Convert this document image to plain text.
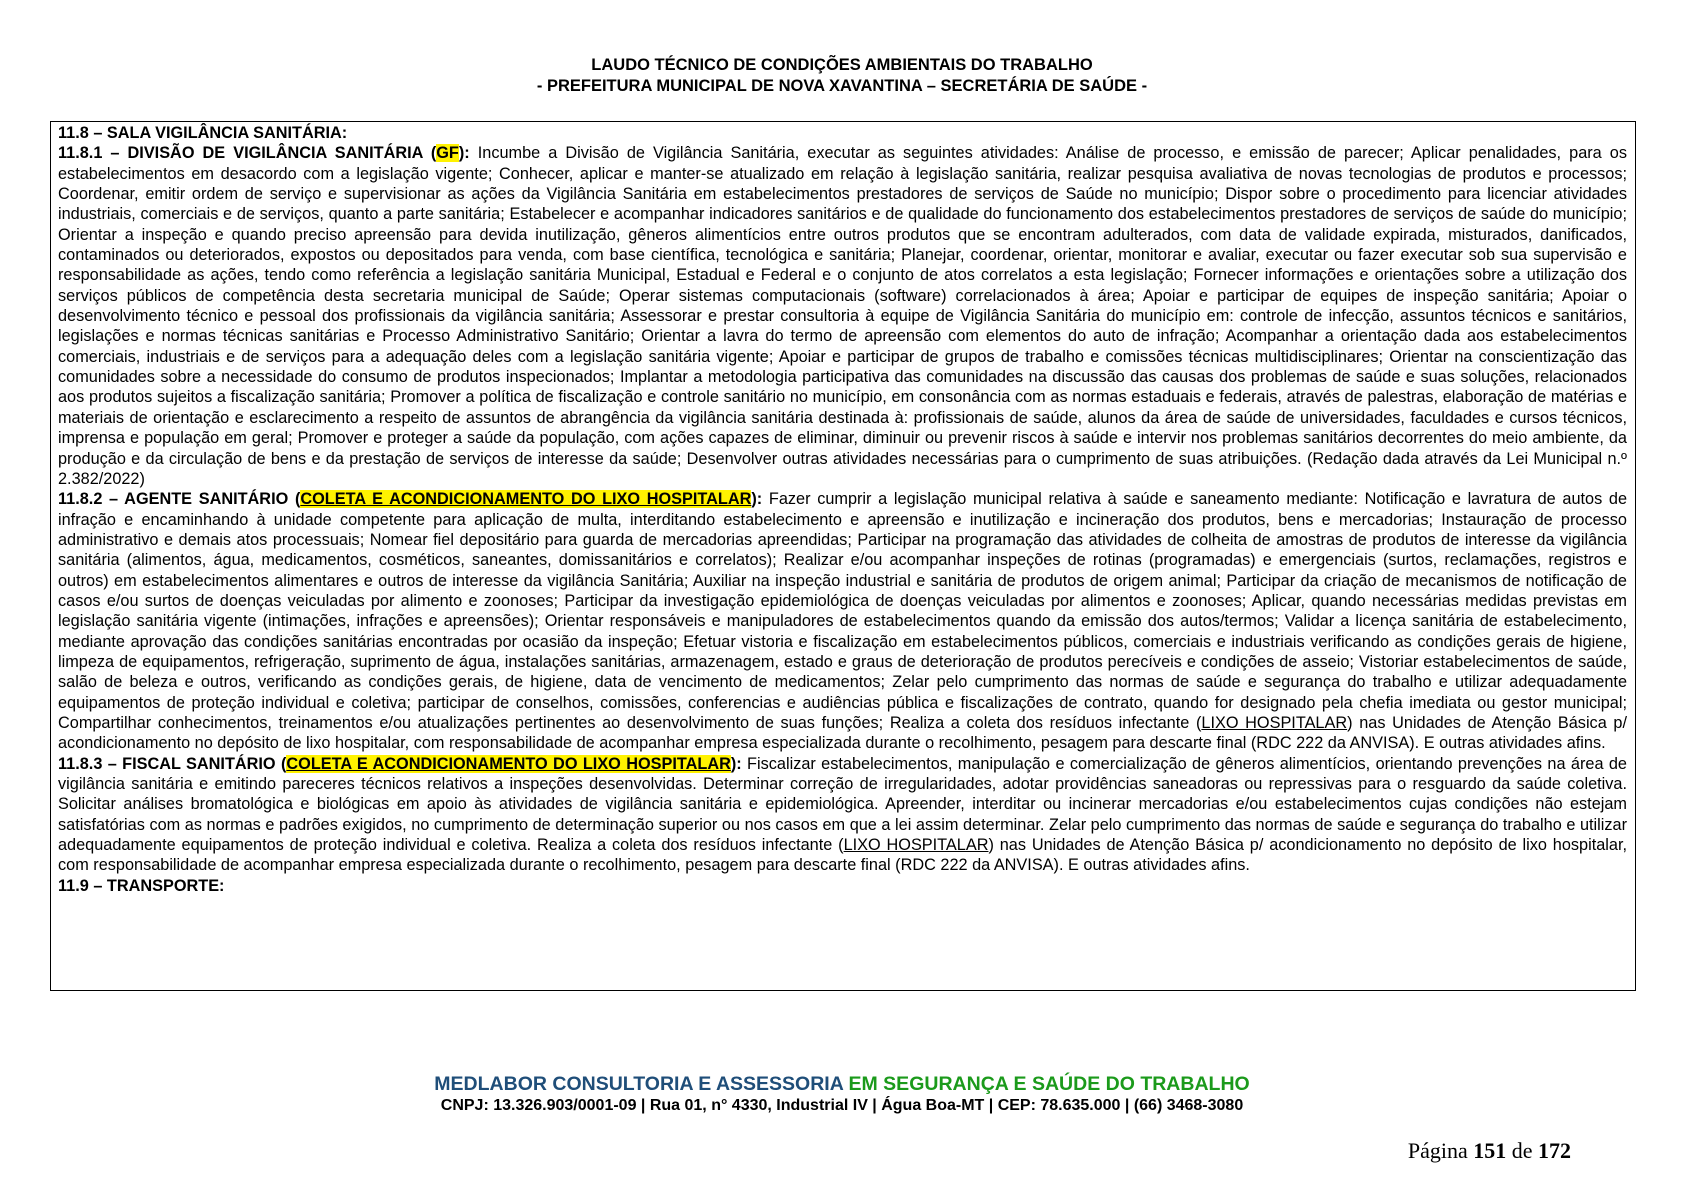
LAUDO TÉCNICO DE CONDIÇÕES AMBIENTAIS DO TRABALHO
- PREFEITURA MUNICIPAL DE NOVA XAVANTINA – SECRETÁRIA DE SAÚDE -

11.8 – SALA VIGILÂNCIA SANITÁRIA:

11.8.1 – DIVISÃO DE VIGILÂNCIA SANITÁRIA (GF): Incumbe a Divisão de Vigilância Sanitária, executar as seguintes atividades: Análise de processo, e emissão de parecer; Aplicar penalidades, para os estabelecimentos em desacordo com a legislação vigente; Conhecer, aplicar e manter-se atualizado em relação à legislação sanitária, realizar pesquisa avaliativa de novas tecnologias de produtos e processos; Coordenar, emitir ordem de serviço e supervisionar as ações da Vigilância Sanitária em estabelecimentos prestadores de serviços de Saúde no município; Dispor sobre o procedimento para licenciar atividades industriais, comerciais e de serviços, quanto a parte sanitária; Estabelecer e acompanhar indicadores sanitários e de qualidade do funcionamento dos estabelecimentos prestadores de serviços de saúde do município; Orientar a inspeção e quando preciso apreensão para devida inutilização, gêneros alimentícios entre outros produtos que se encontram adulterados, com data de validade expirada, misturados, danificados, contaminados ou deteriorados, expostos ou depositados para venda, com base científica, tecnológica e sanitária; Planejar, coordenar, orientar, monitorar e avaliar, executar ou fazer executar sob sua supervisão e responsabilidade as ações, tendo como referência a legislação sanitária Municipal, Estadual e Federal e o conjunto de atos correlatos a esta legislação; Fornecer informações e orientações sobre a utilização dos serviços públicos de competência desta secretaria municipal de Saúde; Operar sistemas computacionais (software) correlacionados à área; Apoiar e participar de equipes de inspeção sanitária; Apoiar o desenvolvimento técnico e pessoal dos profissionais da vigilância sanitária; Assessorar e prestar consultoria à equipe de Vigilância Sanitária do município em: controle de infecção, assuntos técnicos e sanitários, legislações e normas técnicas sanitárias e Processo Administrativo Sanitário; Orientar a lavra do termo de apreensão com elementos do auto de infração; Acompanhar a orientação dada aos estabelecimentos comerciais, industriais e de serviços para a adequação deles com a legislação sanitária vigente; Apoiar e participar de grupos de trabalho e comissões técnicas multidisciplinares; Orientar na conscientização das comunidades sobre a necessidade do consumo de produtos inspecionados; Implantar a metodologia participativa das comunidades na discussão das causas dos problemas de saúde e suas soluções, relacionados aos produtos sujeitos a fiscalização sanitária; Promover a política de fiscalização e controle sanitário no município, em consonância com as normas estaduais e federais, através de palestras, elaboração de matérias e materiais de orientação e esclarecimento a respeito de assuntos de abrangência da vigilância sanitária destinada à: profissionais de saúde, alunos da área de saúde de universidades, faculdades e cursos técnicos, imprensa e população em geral; Promover e proteger a saúde da população, com ações capazes de eliminar, diminuir ou prevenir riscos à saúde e intervir nos problemas sanitários decorrentes do meio ambiente, da produção e da circulação de bens e da prestação de serviços de interesse da saúde; Desenvolver outras atividades necessárias para o cumprimento de suas atribuições. (Redação dada através da Lei Municipal n.º 2.382/2022)

11.8.2 – AGENTE SANITÁRIO (COLETA E ACONDICIONAMENTO DO LIXO HOSPITALAR): Fazer cumprir a legislação municipal relativa à saúde e saneamento mediante: Notificação e lavratura de autos de infração e encaminhando à unidade competente para aplicação de multa, interditando estabelecimento e apreensão e inutilização e incineração dos produtos, bens e mercadorias; Instauração de processo administrativo e demais atos processuais; Nomear fiel depositário para guarda de mercadorias apreendidas; Participar na programação das atividades de colheita de amostras de produtos de interesse da vigilância sanitária (alimentos, água, medicamentos, cosméticos, saneantes, domissanitários e correlatos); Realizar e/ou acompanhar inspeções de rotinas (programadas) e emergenciais (surtos, reclamações, registros e outros) em estabelecimentos alimentares e outros de interesse da vigilância Sanitária; Auxiliar na inspeção industrial e sanitária de produtos de origem animal; Participar da criação de mecanismos de notificação de casos e/ou surtos de doenças veiculadas por alimento e zoonoses; Participar da investigação epidemiológica de doenças veiculadas por alimentos e zoonoses; Aplicar, quando necessárias medidas previstas em legislação sanitária vigente (intimações, infrações e apreensões); Orientar responsáveis e manipuladores de estabelecimentos quando da emissão dos autos/termos; Validar a licença sanitária de estabelecimento, mediante aprovação das condições sanitárias encontradas por ocasião da inspeção; Efetuar vistoria e fiscalização em estabelecimentos públicos, comerciais e industriais verificando as condições gerais de higiene, limpeza de equipamentos, refrigeração, suprimento de água, instalações sanitárias, armazenagem, estado e graus de deterioração de produtos perecíveis e condições de asseio; Vistoriar estabelecimentos de saúde, salão de beleza e outros, verificando as condições gerais, de higiene, data de vencimento de medicamentos; Zelar pelo cumprimento das normas de saúde e segurança do trabalho e utilizar adequadamente equipamentos de proteção individual e coletiva; participar de conselhos, comissões, conferencias e audiências pública e fiscalizações de contrato, quando for designado pela chefia imediata ou gestor municipal; Compartilhar conhecimentos, treinamentos e/ou atualizações pertinentes ao desenvolvimento de suas funções; Realiza a coleta dos resíduos infectante (LIXO HOSPITALAR) nas Unidades de Atenção Básica p/ acondicionamento no depósito de lixo hospitalar, com responsabilidade de acompanhar empresa especializada durante o recolhimento, pesagem para descarte final (RDC 222 da ANVISA). E outras atividades afins.

11.8.3 – FISCAL SANITÁRIO (COLETA E ACONDICIONAMENTO DO LIXO HOSPITALAR): Fiscalizar estabelecimentos, manipulação e comercialização de gêneros alimentícios, orientando prevenções na área de vigilância sanitária e emitindo pareceres técnicos relativos a inspeções desenvolvidas. Determinar correção de irregularidades, adotar providências saneadoras ou repressivas para o resguardo da saúde coletiva. Solicitar análises bromatológica e biológicas em apoio às atividades de vigilância sanitária e epidemiológica. Apreender, interditar ou incinerar mercadorias e/ou estabelecimentos cujas condições não estejam satisfatórias com as normas e padrões exigidos, no cumprimento de determinação superior ou nos casos em que a lei assim determinar. Zelar pelo cumprimento das normas de saúde e segurança do trabalho e utilizar adequadamente equipamentos de proteção individual e coletiva. Realiza a coleta dos resíduos infectante (LIXO HOSPITALAR) nas Unidades de Atenção Básica p/ acondicionamento no depósito de lixo hospitalar, com responsabilidade de acompanhar empresa especializada durante o recolhimento, pesagem para descarte final (RDC 222 da ANVISA). E outras atividades afins.

11.9 – TRANSPORTE:

MEDLABOR CONSULTORIA E ASSESSORIA EM SEGURANÇA E SAÚDE DO TRABALHO
CNPJ: 13.326.903/0001-09 | Rua 01, n° 4330, Industrial IV | Água Boa-MT | CEP: 78.635.000 | (66) 3468-3080
Página 151 de 172
